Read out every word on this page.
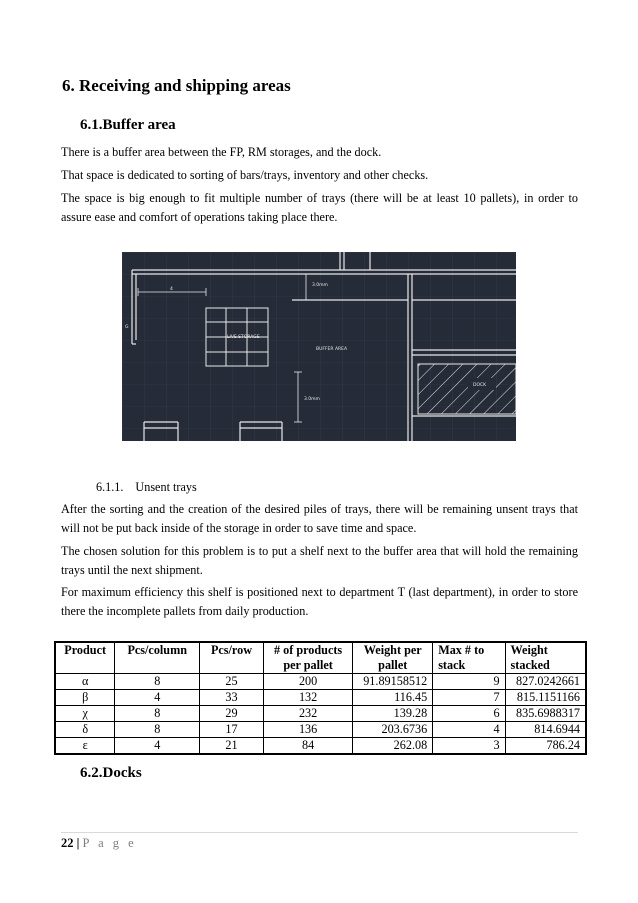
6. Receiving and shipping areas
6.1.Buffer area

There is a buffer area between the FP, RM storages, and the dock.

That space is dedicated to sorting of bars/trays, inventory and other checks.

The space is big enough to fit multiple number of trays (there will be at least 10 pallets), in order to assure ease and comfort of operations taking place there.

LIVE STORAGE
BUFFER AREA
DOCK
3.0mm
3.0mm
4
G
6.1.1. Unsent trays

After the sorting and the creation of the desired piles of trays, there will be remaining unsent trays that will not be put back inside of the storage in order to save time and space.

The chosen solution for this problem is to put a shelf next to the buffer area that will hold the remaining trays until the next shipment.

For maximum efficiency this shelf is positioned next to department T (last department), in order to store there the incomplete pallets from daily production.

Product	Pcs/column	Pcs/row	# of products per pallet	Weight per pallet	Max # to stack	Weight stacked
α	8	25	200	91.89158512	9	827.0242661
β	4	33	132	116.45	7	815.1151166
χ	8	29	232	139.28	6	835.6988317
δ	8	17	136	203.6736	4	814.6944
ε	4	21	84	262.08	3	786.24
6.2.Docks
22 | P a g e
